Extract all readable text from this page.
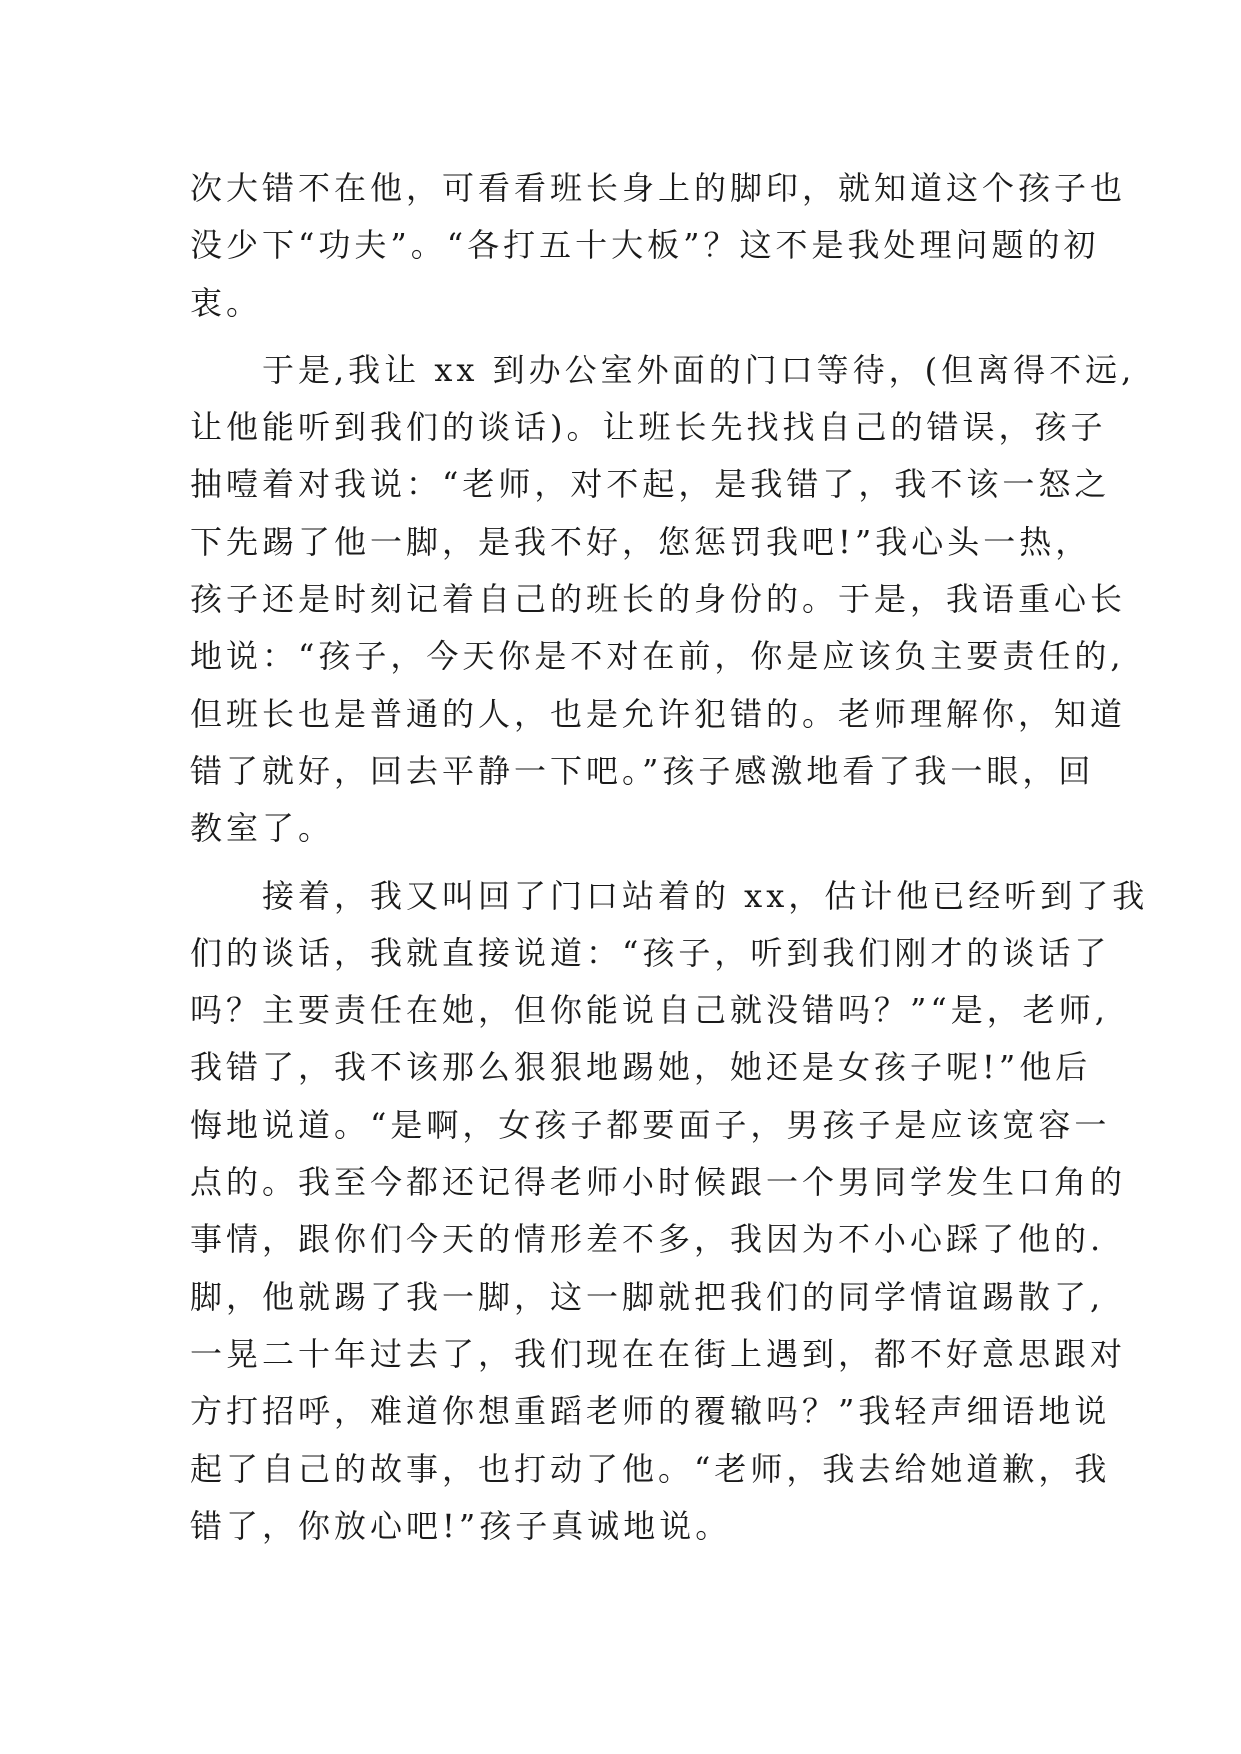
次大错不在他，可看看班长身上的脚印，就知道这个孩子也
没少下“功夫”。“各打五十大板”？这不是我处理问题的初
衷。
　　于是,我让 xx 到办公室外面的门口等待，(但离得不远,
让他能听到我们的谈话)。让班长先找找自己的错误，孩子
抽噎着对我说：“老师，对不起，是我错了，我不该一怒之
下先踢了他一脚，是我不好，您惩罚我吧!”我心头一热，
孩子还是时刻记着自己的班长的身份的。于是，我语重心长
地说：“孩子，今天你是不对在前，你是应该负主要责任的,
但班长也是普通的人，也是允许犯错的。老师理解你，知道
错了就好，回去平静一下吧。”孩子感激地看了我一眼，回
教室了。
　　接着，我又叫回了门口站着的 xx，估计他已经听到了我
们的谈话，我就直接说道：“孩子，听到我们刚才的谈话了
吗？主要责任在她，但你能说自己就没错吗？”“是，老师,
我错了，我不该那么狠狠地踢她，她还是女孩子呢!”他后
悔地说道。“是啊，女孩子都要面子，男孩子是应该宽容一
点的。我至今都还记得老师小时候跟一个男同学发生口角的
事情，跟你们今天的情形差不多，我因为不小心踩了他的.
脚，他就踢了我一脚，这一脚就把我们的同学情谊踢散了,
一晃二十年过去了，我们现在在街上遇到，都不好意思跟对
方打招呼，难道你想重蹈老师的覆辙吗？”我轻声细语地说
起了自己的故事，也打动了他。“老师，我去给她道歉，我
错了，你放心吧!”孩子真诚地说。
